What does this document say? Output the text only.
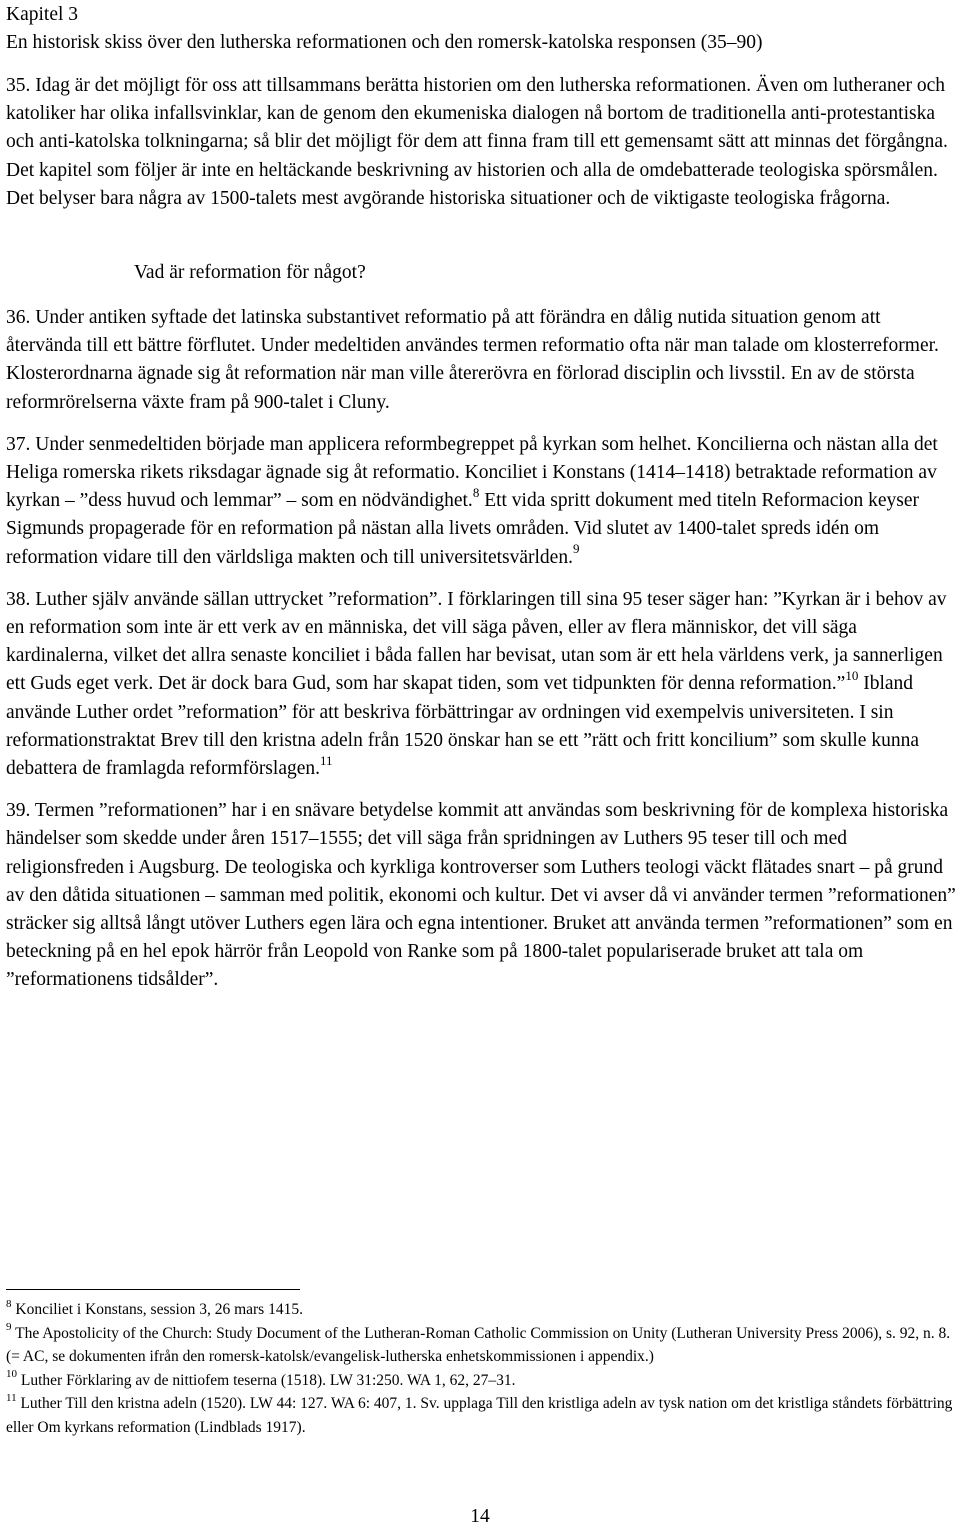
Kapitel 3
En historisk skiss över den lutherska reformationen och den romersk-katolska responsen (35–90)

35. Idag är det möjligt för oss att tillsammans berätta historien om den lutherska reformationen. Även om lutheraner och katoliker har olika infallsvinklar, kan de genom den ekumeniska dialogen nå bortom de traditionella anti-protestantiska och anti-katolska tolkningarna; så blir det möjligt för dem att finna fram till ett gemensamt sätt att minnas det förgångna. Det kapitel som följer är inte en heltäckande beskrivning av historien och alla de omdebatterade teologiska spörsmålen. Det belyser bara några av 1500-talets mest avgörande historiska situationer och de viktigaste teologiska frågorna.

Vad är reformation för något?

36. Under antiken syftade det latinska substantivet reformatio på att förändra en dålig nutida situation genom att återvända till ett bättre förflutet. Under medeltiden användes termen reformatio ofta när man talade om klosterreformer. Klosterordnarna ägnade sig åt reformation när man ville återerövra en förlorad disciplin och livsstil. En av de största reformrörelserna växte fram på 900-talet i Cluny.

37. Under senmedeltiden började man applicera reformbegreppet på kyrkan som helhet. Koncilierna och nästan alla det Heliga romerska rikets riksdagar ägnade sig åt reformatio. Konciliet i Konstans (1414–1418) betraktade reformation av kyrkan – ”dess huvud och lemmar” – som en nödvändighet.$^8$ Ett vida spritt dokument med titeln Reformacion keyser Sigmunds propagerade för en reformation på nästan alla livets områden. Vid slutet av 1400-talet spreds idén om reformation vidare till den världsliga makten och till universitetsvärlden.$^9$

38. Luther själv använde sällan uttrycket ”reformation”. I förklaringen till sina 95 teser säger han: ”Kyrkan är i behov av en reformation som inte är ett verk av en människa, det vill säga påven, eller av flera människor, det vill säga kardinalerna, vilket det allra senaste konciliet i båda fallen har bevisat, utan som är ett hela världens verk, ja sannerligen ett Guds eget verk. Det är dock bara Gud, som har skapat tiden, som vet tidpunkten för denna reformation.”$^{10}$ Ibland använde Luther ordet ”reformation” för att beskriva förbättringar av ordningen vid exempelvis universiteten. I sin reformationstraktat Brev till den kristna adeln från 1520 önskar han se ett ”rätt och fritt koncilium” som skulle kunna debattera de framlagda reformförslagen.$^{11}$

39. Termen ”reformationen” har i en snävare betydelse kommit att användas som beskrivning för de komplexa historiska händelser som skedde under åren 1517–1555; det vill säga från spridningen av Luthers 95 teser till och med religionsfreden i Augsburg. De teologiska och kyrkliga kontroverser som Luthers teologi väckt flätades snart – på grund av den dåtida situationen – samman med politik, ekonomi och kultur. Det vi avser då vi använder termen ”reformationen” sträcker sig alltså långt utöver Luthers egen lära och egna intentioner. Bruket att använda termen ”reformationen” som en beteckning på en hel epok härrör från Leopold von Ranke som på 1800-talet populariserade bruket att tala om ”reformationens tidsålder”.

$^8$ Konciliet i Konstans, session 3, 26 mars 1415.
$^9$ The Apostolicity of the Church: Study Document of the Lutheran-Roman Catholic Commission on Unity (Lutheran University Press 2006), s. 92, n. 8. (= AC, se dokumenten ifrån den romersk-katolsk/evangelisk-lutherska enhetskommissionen i appendix.)
$^{10}$ Luther Förklaring av de nittiofem teserna (1518). LW 31:250. WA 1, 62, 27–31.
$^{11}$ Luther Till den kristna adeln (1520). LW 44: 127. WA 6: 407, 1. Sv. upplaga Till den kristliga adeln av tysk nation om det kristliga ståndets förbättring eller Om kyrkans reformation (Lindblads 1917).
14
